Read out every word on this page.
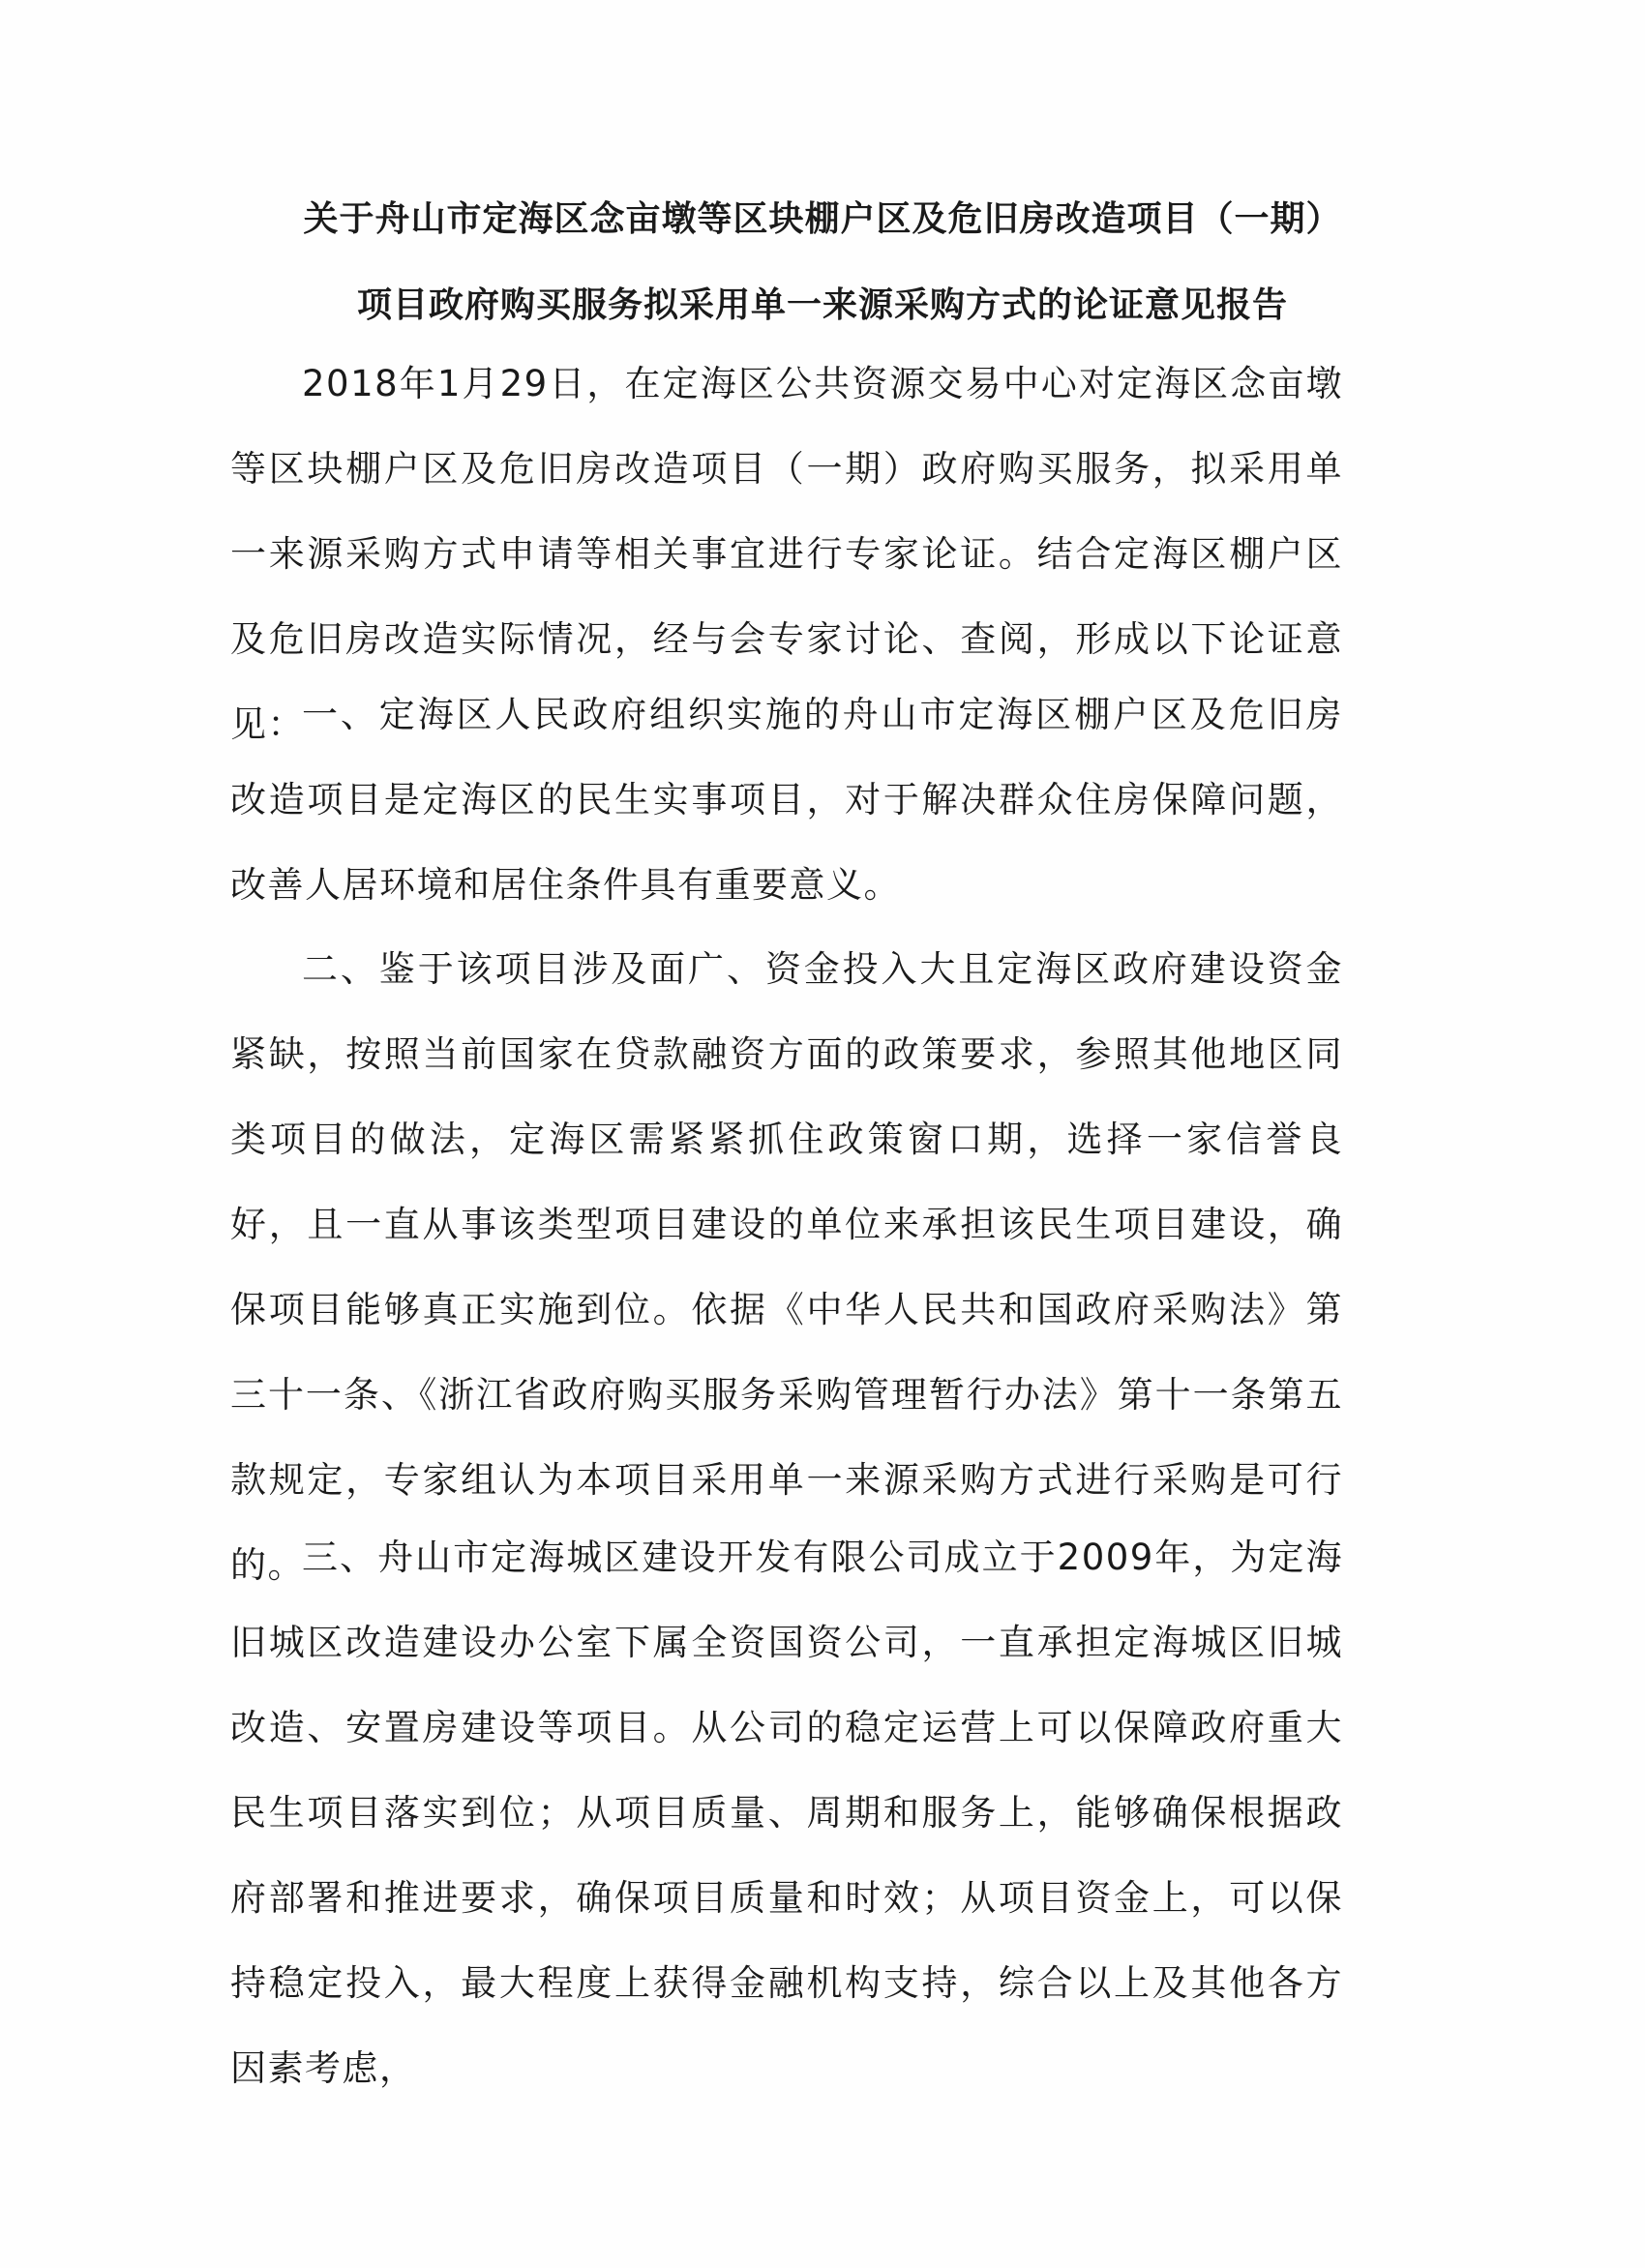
关于舟山市定海区念亩墩等区块棚户区及危旧房改造项目（一期）
项目政府购买服务拟采用单一来源采购方式的论证意见报告

2018年1月29日，在定海区公共资源交易中心对定海区念亩墩等区块棚户区及危旧房改造项目（一期）政府购买服务，拟采用单一来源采购方式申请等相关事宜进行专家论证。结合定海区棚户区及危旧房改造实际情况，经与会专家讨论、查阅，形成以下论证意见：

一、定海区人民政府组织实施的舟山市定海区棚户区及危旧房改造项目是定海区的民生实事项目，对于解决群众住房保障问题，改善人居环境和居住条件具有重要意义。

二、鉴于该项目涉及面广、资金投入大且定海区政府建设资金紧缺，按照当前国家在贷款融资方面的政策要求，参照其他地区同类项目的做法，定海区需紧紧抓住政策窗口期，选择一家信誉良好，且一直从事该类型项目建设的单位来承担该民生项目建设，确保项目能够真正实施到位。依据《中华人民共和国政府采购法》第三十一条、《浙江省政府购买服务采购管理暂行办法》第十一条第五款规定，专家组认为本项目采用单一来源采购方式进行采购是可行的。

三、舟山市定海城区建设开发有限公司成立于2009年，为定海旧城区改造建设办公室下属全资国资公司，一直承担定海城区旧城改造、安置房建设等项目。从公司的稳定运营上可以保障政府重大民生项目落实到位；从项目质量、周期和服务上，能够确保根据政府部署和推进要求，确保项目质量和时效；从项目资金上，可以保持稳定投入，最大程度上获得金融机构支持，综合以上及其他各方因素考虑，
